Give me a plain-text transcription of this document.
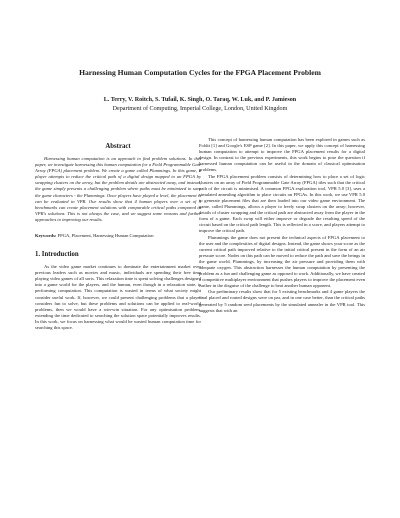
Harnessing Human Computation Cycles for the FPGA Placement Problem
L. Terry, V. Roitch, S. Tufail, K. Singh, O. Taraq, W. Luk, and P. Jamieson
Department of Computing, Imperial College, London, United Kingdom
Abstract

Harnessing human computation is an approach to find problem solutions. In this paper, we investigate harnessing this human computation for a Field Programmable Gate Array (FPGA) placement problem. We create a game called Plummings. In this game, a player attempts to reduce the critical path of a digital design mapped to an FPGA by swapping clusters on the array, but the problem details are abstracted away, and instead, the game simply presents a challenging problem where paths must be minimized to save the game characters - the Plummings. Once players have played a level, the placement is can be evaluated in VPR. Our results show that 4 human players over a set of 5 benchmarks can create placement solutions with comparable critical paths compared to VPR's solutions. This is not always the case, and we suggest some reasons and further approaches to improving our results.

Keywords: FPGA, Placement, Harnessing Human Computation
1. Introduction

As the video game market continues to dominate the entertainment market over previous leaders such as movies and music, individuals are spending their free time playing video games of all sorts. This relaxation time is spent solving challenges designed into a game world for the players, and the human, even though in a relaxation state, is performing computation. This computation is wasted in terms of what society might consider useful work. If, however, we could present challenging problems that a player considers fun to solve, but these problems and solutions can be applied to real-world problems, then we would have a win-win situation. For any optimisation problem, extending the time dedicated to searching the solution space potentially improves results. In this work, we focus on harnessing what would be wasted human computation time for searching this space.

This concept of harnessing human computation has been explored in games such as Foldit [1] and Google's ESP game [2]. In this paper, we apply this concept of harnessing human computation to attempt to improve the FPGA placement results for a digital design. In contrast to the previous experiments, this work begins to pose the question if harnessed human computation can be useful in the domain of classical optimisation problems.

The FPGA placement problem consists of determining how to place a set of logic clusters on an array of Field Programmable Gate Array (FPGA) tiles such that the critical path of the circuit is minimised. A common FPGA exploration tool, VPR 5.0 [3], uses a simulated annealing algorithm to place circuits on FPGAs. In this work, we use VPR 5.0 to generate placement files that are then loaded into our video game environment. The game, called Plummings, allows a player to freely swap clusters on the array; however, details of cluster swapping and the critical path are abstracted away from the player in the form of a game. Each swap will either improve or degrade the resulting speed of the circuit based on the critical path length. This is reflected in a score, and players attempt to improve the critical path.

Plummings the game does not present the technical aspects of FPGA placement to the user and the complexities of digital designs. Instead, the game shows your score as the current critical path improved relative to the initial critical present in the form of an air pressure score. Nodes on this path can be moved to reduce the path and save the beings in the game world, Plummings, by increasing the air pressure and providing them with adequate oxygen. This abstraction harnesses the human computation by presenting the problem as a fun and challenging game as opposed to work. Additionally, we have created a competitive multiplayer environment that pushes players to improve the placement even further in the disguise of the challenge to beat another human opponent.

Our preliminary results show that for 5 existing benchmarks and 4 game players the final placed and routed designs were on par, and in one case better, than the critical paths generated by 5 random seed placements by the simulated annealer in the VPR tool. This suggests that with an
